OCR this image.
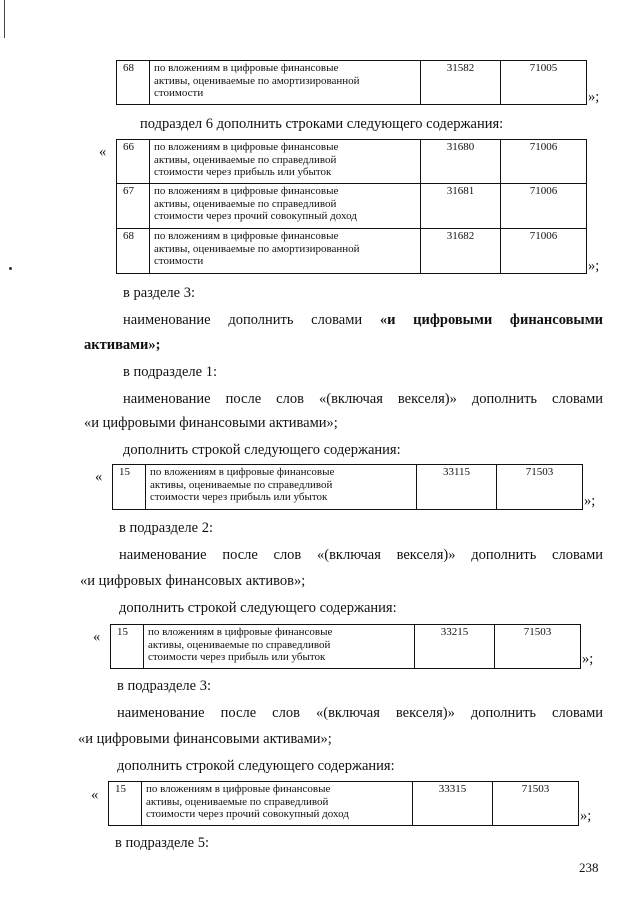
68	по вложениям в цифровые финансовые
активы, оцениваемые по амортизированной
стоимости
	31582	71005
»;

подраздел 6 дополнить строками следующего содержания:

« 66	по вложениям в цифровые финансовые
активы, оцениваемые по справедливой
стоимости через прибыль или убыток	31680	71006
67	по вложениям в цифровые финансовые
активы, оцениваемые по справедливой
стоимости через прочий совокупный доход	31681	71006
68	по вложениям в цифровые финансовые
активы, оцениваемые по амортизированной
стоимости	31682	71006
»;

в разделе 3:

наименование дополнить словами «и цифровыми финансовыми

активами»;

в подразделе 1:

наименование после слов «(включая векселя)» дополнить словами

«и цифровыми финансовыми активами»;

дополнить строкой следующего содержания:

« 15	по вложениям в цифровые финансовые
активы, оцениваемые по справедливой
стоимости через прибыль или убыток
	33115	71503
»;

в подразделе 2:

наименование после слов «(включая векселя)» дополнить словами

«и цифровых финансовых активов»;

дополнить строкой следующего содержания:

« 15	по вложениям в цифровые финансовые
активы, оцениваемые по справедливой
стоимости через прибыль или убыток
	33215	71503
»;

в подразделе 3:

наименование после слов «(включая векселя)» дополнить словами

«и цифровыми финансовыми активами»;

дополнить строкой следующего содержания:

« 15	по вложениям в цифровые финансовые
активы, оцениваемые по справедливой
стоимости через прочий совокупный доход
	33315	71503
»;

в подразделе 5:

238
